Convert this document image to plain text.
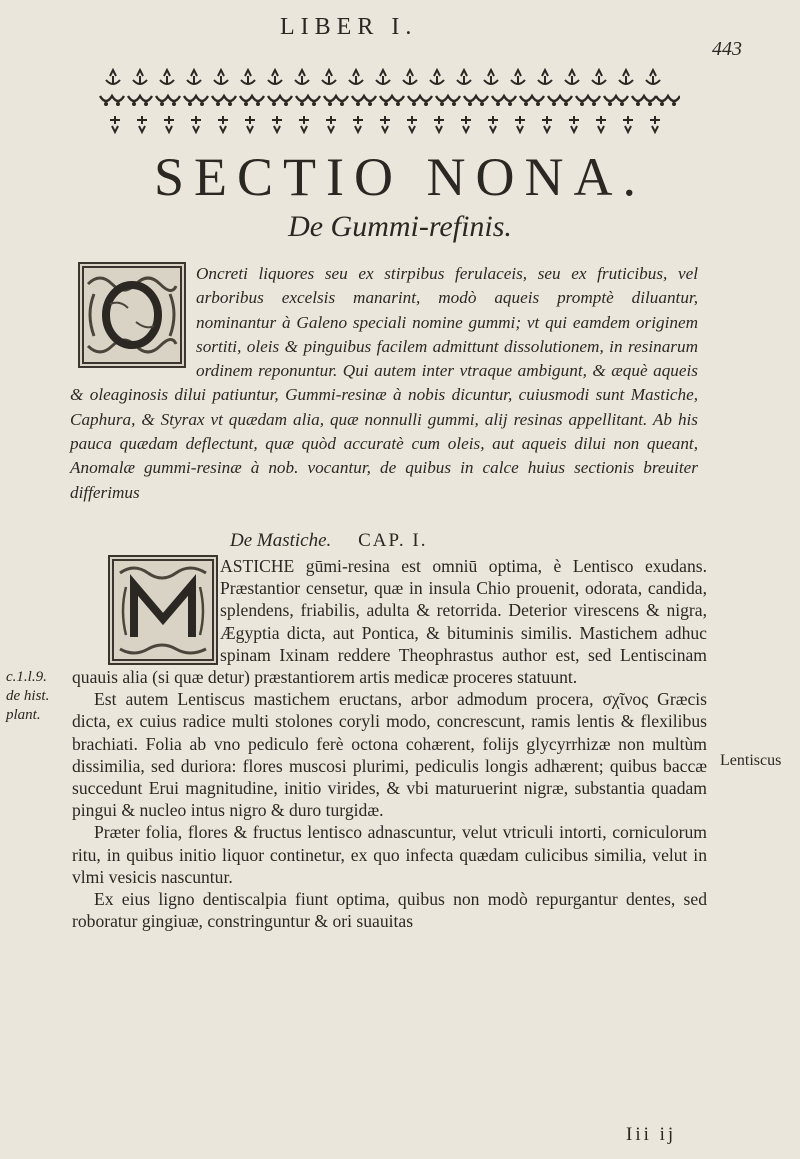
LIBER I.
443
SECTIO NONA.
De Gummi-refinis.
Oncreti liquores seu ex stirpibus ferulaceis, seu ex fruticibus, vel arboribus excelsis manarint, modò aqueis promptè diluantur, nominantur à Galeno speciali nomine gummi; vt qui eamdem originem sortiti, oleis & pinguibus facilem admittunt dissolutionem, in resinarum ordinem reponuntur. Qui autem inter vtraque ambigunt, & æquè aqueis & oleaginosis dilui patiuntur, Gummi-resinæ à nobis dicuntur, cuiusmodi sunt Mastiche, Caphura, & Styrax vt quædam alia, quæ nonnulli gummi, alij resinas appellitant. Ab his pauca quædam deflectunt, quæ quòd accuratè cum oleis, aut aqueis dilui non queant, Anomalæ gummi-resinæ à nob. vocantur, de quibus in calce huius sectionis breuiter differimus
De Mastiche. CAP. I.

ASTICHE gūmi-resina est omniū optima, è Lentisco exudans. Præstantior censetur, quæ in insula Chio prouenit, odorata, candida, splendens, friabilis, adulta & retorrida. Deterior virescens & nigra, Ægyptia dicta, aut Pontica, & bituminis similis. Mastichem adhuc spinam Ixinam reddere Theophrastus author est, sed Lentiscinam quauis alia (si quæ detur) præstantiorem artis medicæ proceres statuunt.

Est autem Lentiscus mastichem eructans, arbor admodum procera, σχῖνος Græcis dicta, ex cuius radice multi stolones coryli modo, concrescunt, ramis lentis & flexilibus brachiati. Folia ab vno pediculo ferè octona cohærent, folijs glycyrrhizæ non multùm dissimilia, sed duriora: flores muscosi plurimi, pediculis longis adhærent; quibus baccæ succedunt Erui magnitudine, initio virides, & vbi maturuerint nigræ, substantia quadam pingui & nucleo intus nigro & duro turgidæ.

Præter folia, flores & fructus lentisco adnascuntur, velut vtriculi intorti, corniculorum ritu, in quibus initio liquor continetur, ex quo infecta quædam culicibus similia, velut in vlmi vesicis nascuntur.

Ex eius ligno dentiscalpia fiunt optima, quibus non modò repurgantur dentes, sed roboratur gingiuæ, constringuntur & ori suauitas

c.1.l.9.
de hist.
plant.
Lentiscus
Iii ij
